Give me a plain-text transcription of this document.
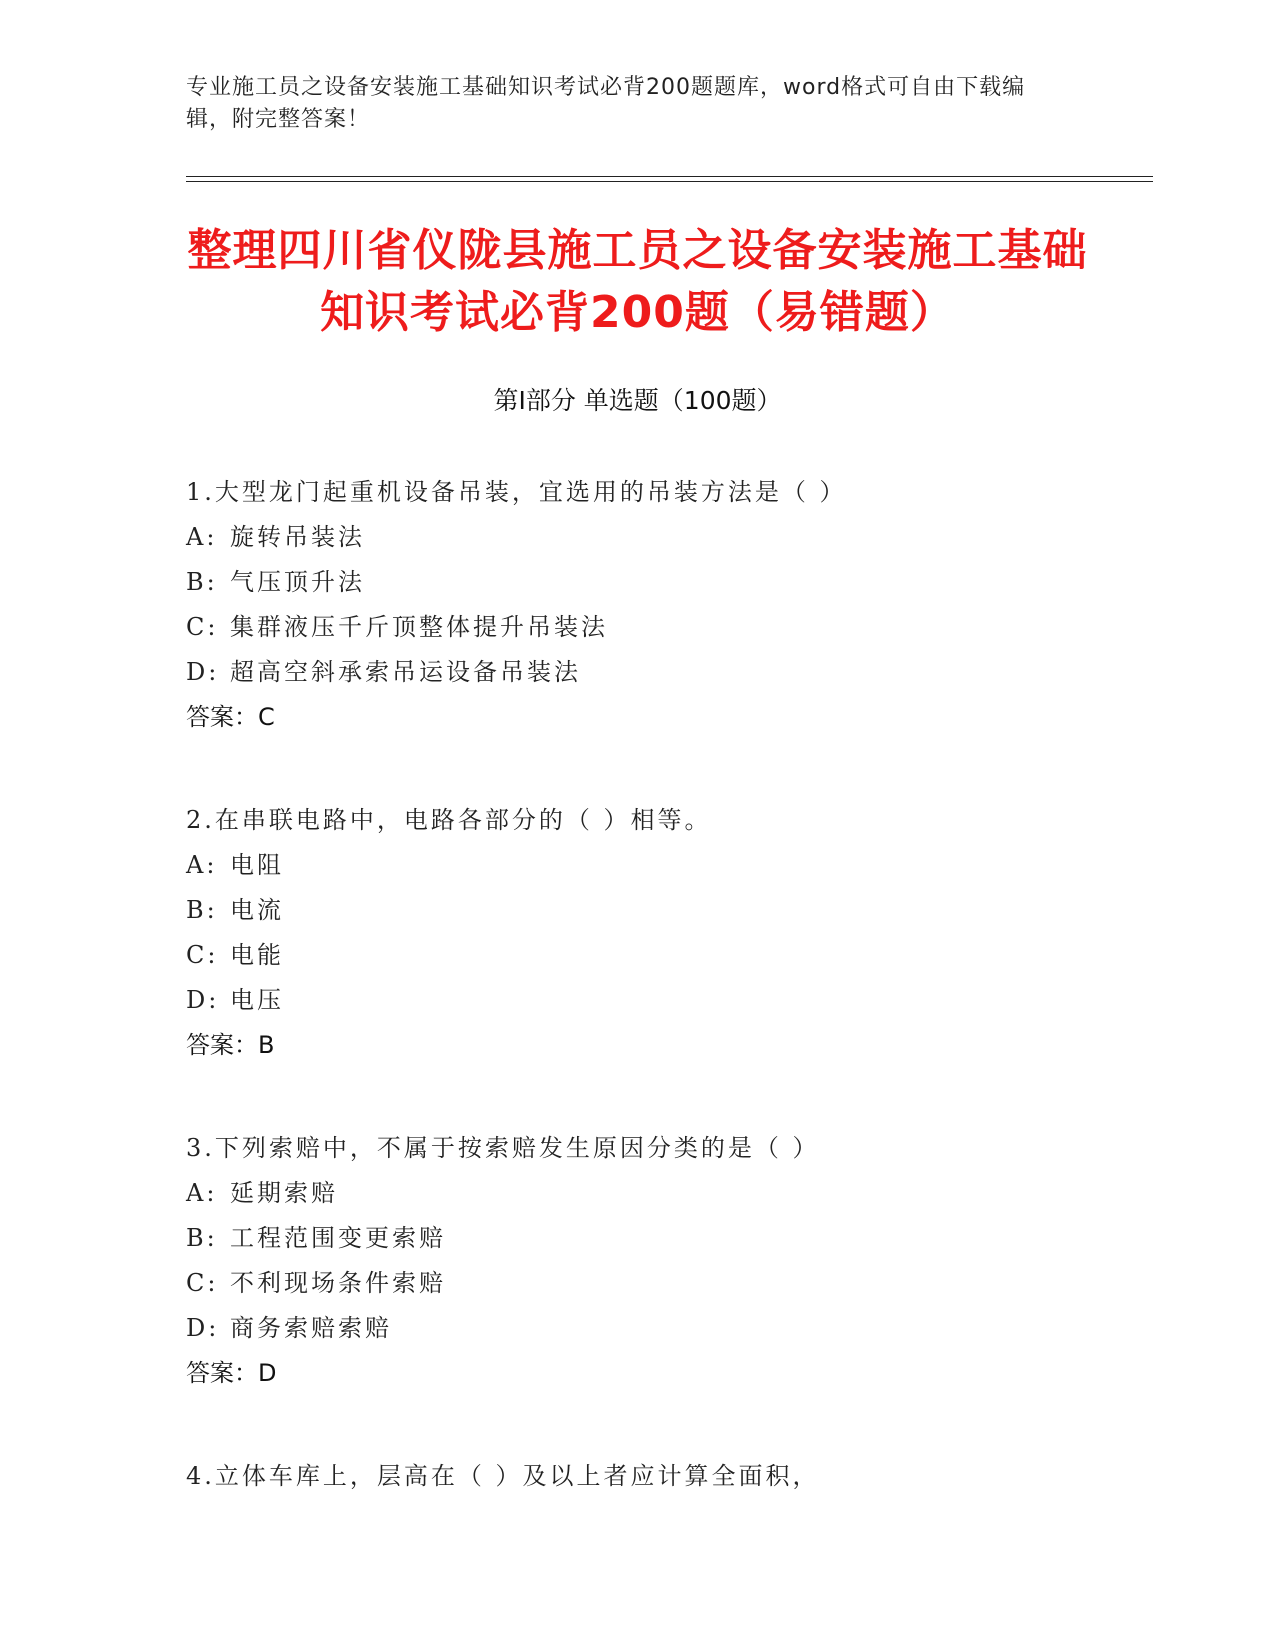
专业施工员之设备安装施工基础知识考试必背200题题库，word格式可自由下载编辑，附完整答案！
整理四川省仪陇县施工员之设备安装施工基础知识考试必背200题（易错题）
第Ⅰ部分 单选题（100题）
1.大型龙门起重机设备吊装，宜选用的吊装方法是（ ）
A: 旋转吊装法
B: 气压顶升法
C: 集群液压千斤顶整体提升吊装法
D: 超高空斜承索吊运设备吊装法
答案：C
2.在串联电路中，电路各部分的（ ）相等。
A: 电阻
B: 电流
C: 电能
D: 电压
答案：B
3.下列索赔中，不属于按索赔发生原因分类的是（ ）
A: 延期索赔
B: 工程范围变更索赔
C: 不利现场条件索赔
D: 商务索赔索赔
答案：D
4.立体车库上，层高在（ ）及以上者应计算全面积，
